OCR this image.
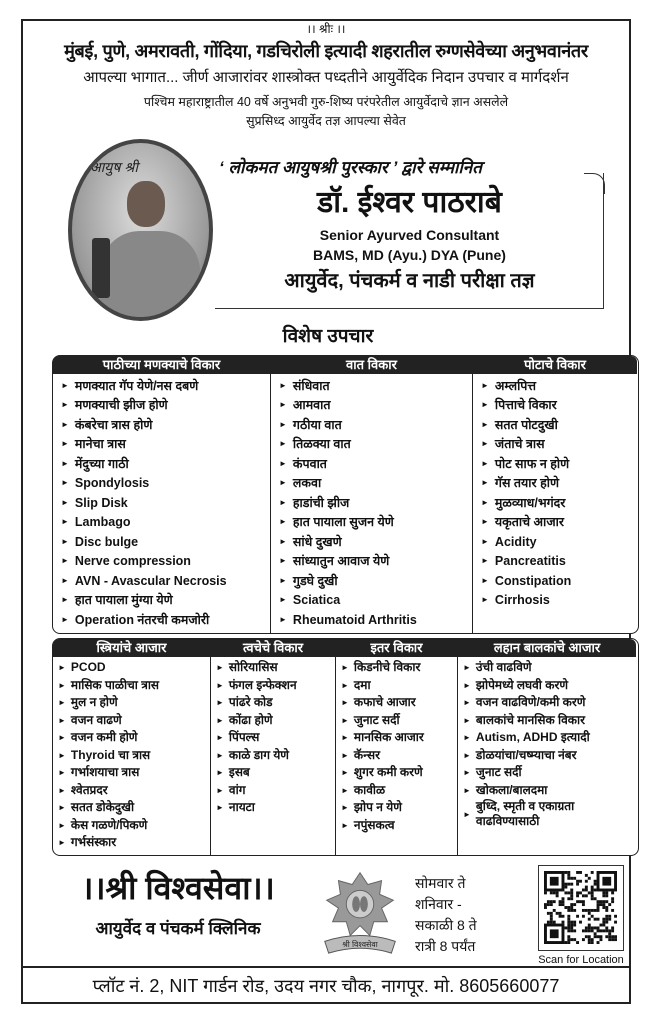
।। श्रीः ।।
मुंबई, पुणे, अमरावती, गोंदिया, गडचिरोली इत्यादी शहरातील रुग्णसेवेच्या अनुभवानंतर
आपल्या भागात... जीर्ण आजारांवर शास्त्रोक्त पध्दतीने आयुर्वेदिक निदान उपचार व मार्गदर्शन
पश्चिम महाराष्ट्रातील 40 वर्षे अनुभवी गुरु-शिष्य परंपरेतील आयुर्वेदाचे ज्ञान असलेले
सुप्रसिध्द आयुर्वेद तज्ञ आपल्या सेवेत
आयुष श्री	‘ लोकमत आयुषश्री पुरस्कार ’ द्वारे सम्मानित
डॉ. ईश्वर पाठराबे
Senior Ayurved Consultant
BAMS, MD (Ayu.) DYA (Pune)
आयुर्वेद, पंचकर्म व नाडी परीक्षा तज्ञ
विशेष उपचार
पाठीच्या मणक्याचे विकार
► मणक्यात गॅप येणे/नस दबणे
► मणक्याची झीज होणे
► कंबरेचा त्रास होणे
► मानेचा त्रास
► मेंदुच्या गाठी
► Spondylosis
► Slip Disk
► Lambago
► Disc bulge
► Nerve compression
► AVN - Avascular Necrosis
► हात पायाला मुंग्या येणे
► Operation नंतरची कमजोरी
वात विकार
► संधिवात
► आमवात
► गठीया वात
► तिळक्या वात
► कंपवात
► लकवा
► हाडांची झीज
► हात पायाला सुजन येणे
► सांधे दुखणे
► सांध्यातुन आवाज येणे
► गुडघे दुखी
► Sciatica
► Rheumatoid Arthritis
पोटाचे विकार
► अम्लपित्त
► पित्ताचे विकार
► सतत पोटदुखी
► जंताचे त्रास
► पोट साफ न होणे
► गॅस तयार होणे
► मुळव्याध/भगंदर
► यकृताचे आजार
► Acidity
► Pancreatitis
► Constipation
► Cirrhosis
स्त्रियांचे आजार
► PCOD
► मासिक पाळीचा त्रास
► मुल न होणे
► वजन वाढणे
► वजन कमी होणे
► Thyroid चा त्रास
► गर्भाशयाचा त्रास
► श्वेतप्रदर
► सतत डोकेदुखी
► केस गळणे/पिकणे
► गर्भसंस्कार
त्वचेचे विकार
► सोरियासिस
► फंगल इन्फेक्शन
► पांढरे कोड
► कोंढा होणे
► पिंपल्स
► काळे डाग येणे
► इसब
► वांग
► नायटा
इतर विकार
► किडनीचे विकार
► दमा
► कफाचे आजार
► जुनाट सर्दी
► मानसिक आजार
► कॅन्सर
► शुगर कमी करणे
► कावीळ
► झोप न येणे
► नपुंसकत्व
लहान बालकांचे आजार
► उंची वाढविणे
► झोपेमध्ये लघवी करणे
► वजन वाढविणे/कमी करणे
► बालकांचे मानसिक विकार
► Autism, ADHD इत्यादी
► डोळयांचा/चष्म्याचा नंबर
► जुनाट सर्दी
► खोकला/बालदमा
►
बुध्दि, स्मृती व एकाग्रता वाढविण्यासाठी
।।श्री विश्वसेवा।।
आयुर्वेद व पंचकर्म क्लिनिक
श्री विश्वसेवा
सोमवार ते
शनिवार -
सकाळी 8 ते
रात्री 8 पर्यंत
Scan for Location
प्लॉट नं. 2, NIT गार्डन रोड, उदय नगर चौक, नागपूर. मो. 8605660077
